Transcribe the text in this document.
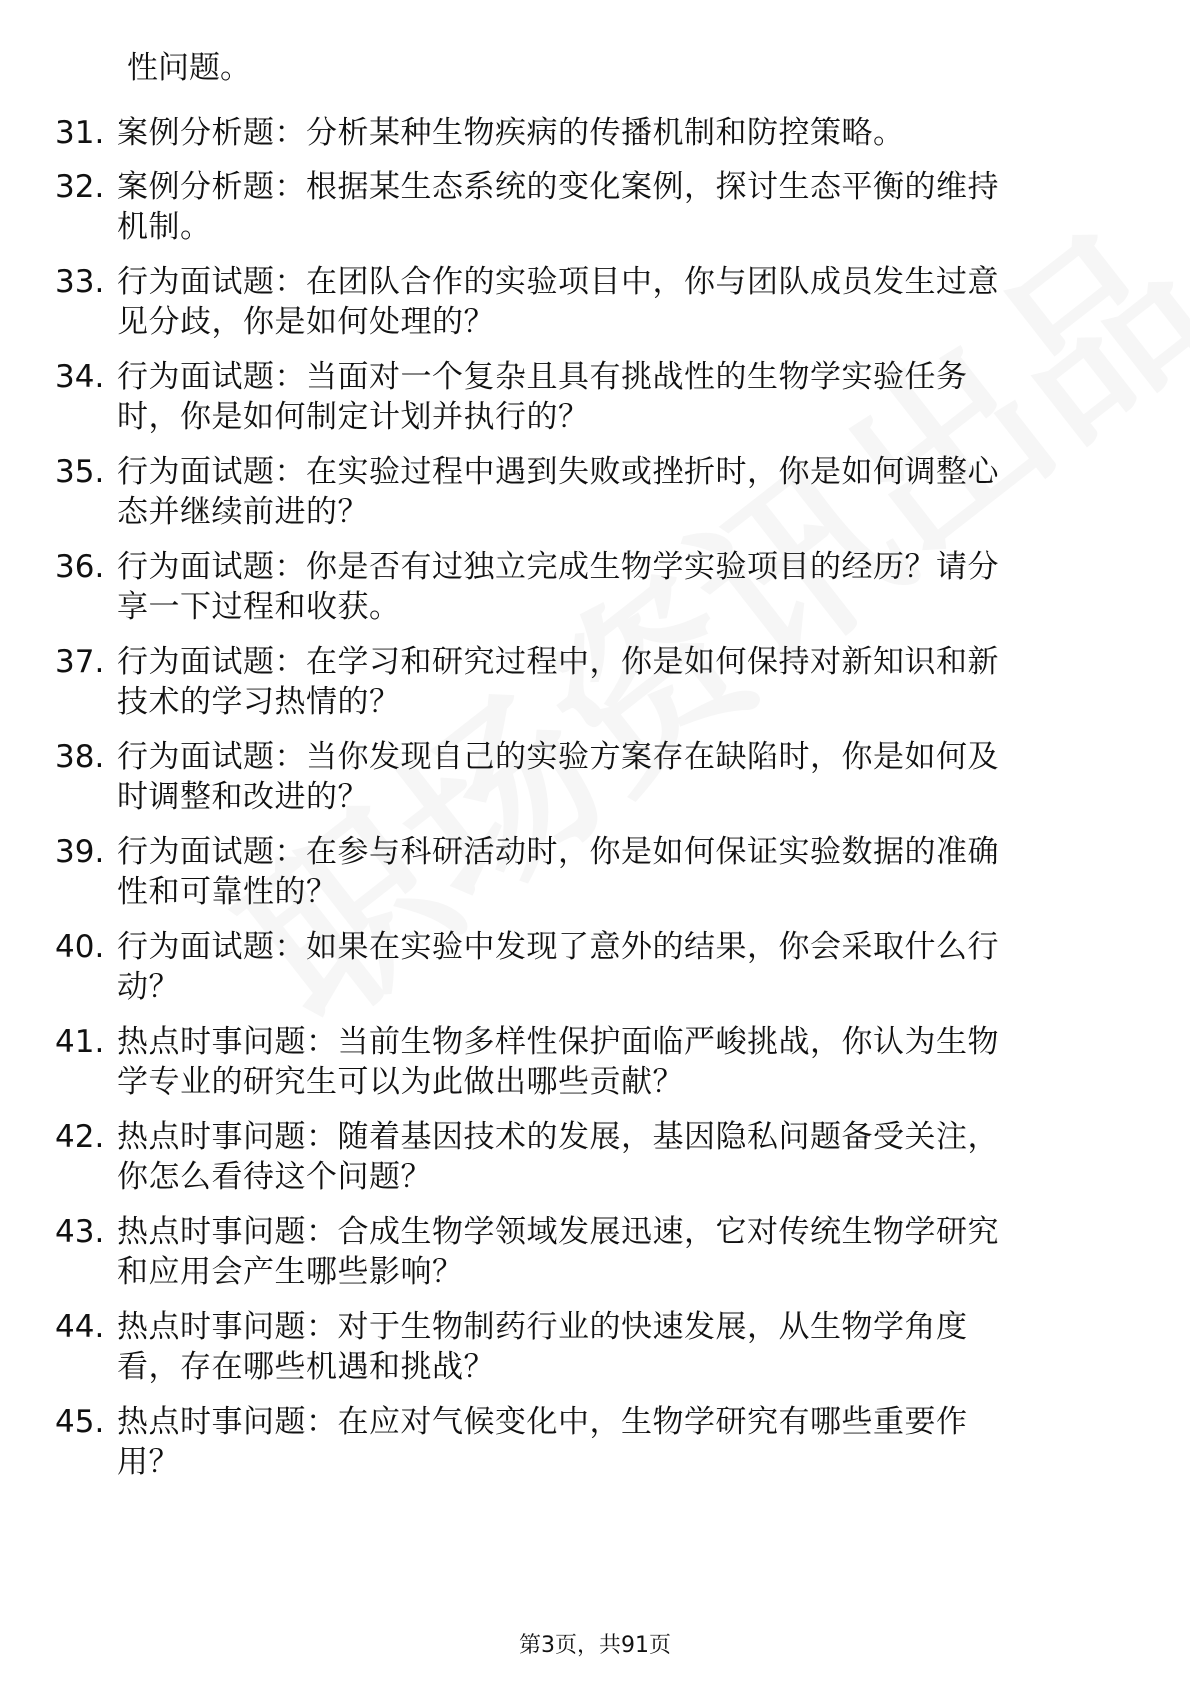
性问题。
31. 案例分析题：分析某种生物疾病的传播机制和防控策略。
32. 案例分析题：根据某生态系统的变化案例，探讨生态平衡的维持
机制。
33. 行为面试题：在团队合作的实验项目中，你与团队成员发生过意
见分歧，你是如何处理的？
34. 行为面试题：当面对一个复杂且具有挑战性的生物学实验任务
时，你是如何制定计划并执行的？
35. 行为面试题：在实验过程中遇到失败或挫折时，你是如何调整心
态并继续前进的？
36. 行为面试题：你是否有过独立完成生物学实验项目的经历？请分
享一下过程和收获。
37. 行为面试题：在学习和研究过程中，你是如何保持对新知识和新
技术的学习热情的？
38. 行为面试题：当你发现自己的实验方案存在缺陷时，你是如何及
时调整和改进的？
39. 行为面试题：在参与科研活动时，你是如何保证实验数据的准确
性和可靠性的？
40. 行为面试题：如果在实验中发现了意外的结果，你会采取什么行
动？
41. 热点时事问题：当前生物多样性保护面临严峻挑战，你认为生物
学专业的研究生可以为此做出哪些贡献？
42. 热点时事问题：随着基因技术的发展，基因隐私问题备受关注，
你怎么看待这个问题？
43. 热点时事问题：合成生物学领域发展迅速，它对传统生物学研究
和应用会产生哪些影响？
44. 热点时事问题：对于生物制药行业的快速发展，从生物学角度
看，存在哪些机遇和挑战？
45. 热点时事问题：在应对气候变化中，生物学研究有哪些重要作
用？
第3页，共91页
